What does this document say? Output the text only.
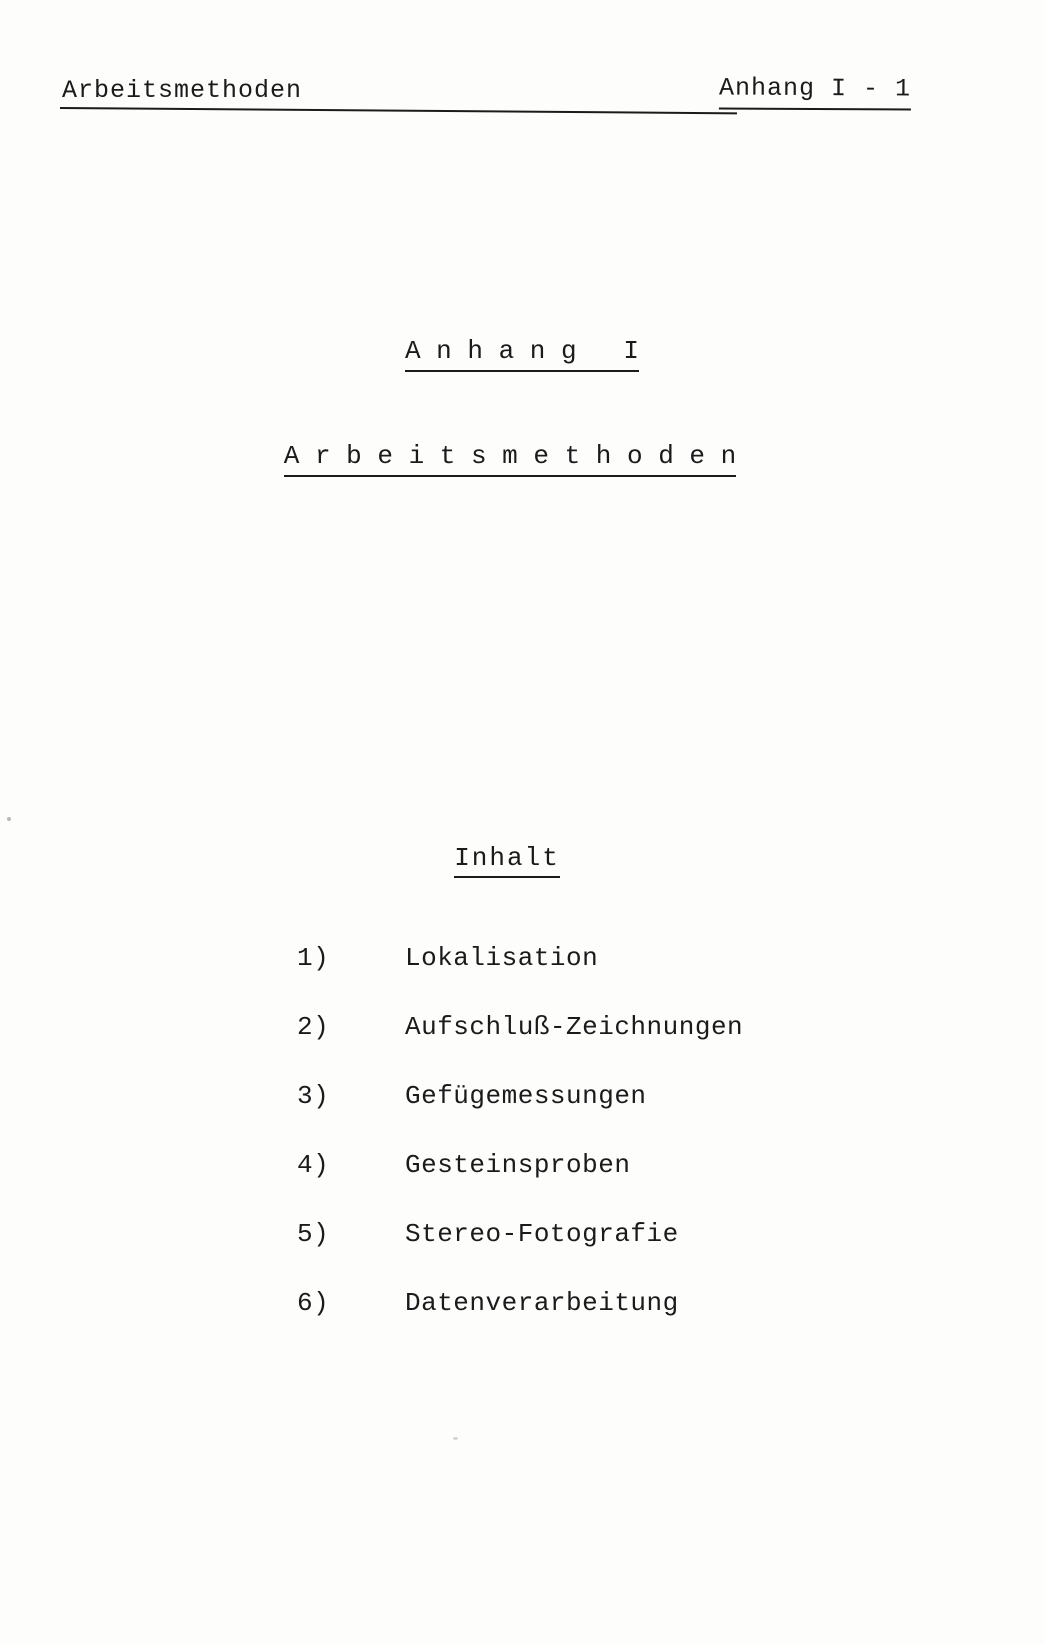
Arbeitsmethoden	Anhang I - 1
A n h a n g   I
A r b e i t s m e t h o d e n
Inhalt
1)	Lokalisation
2)	Aufschluß-Zeichnungen
3)	Gefügemessungen
4)	Gesteinsproben
5)	Stereo-Fotografie
6)	Datenverarbeitung
